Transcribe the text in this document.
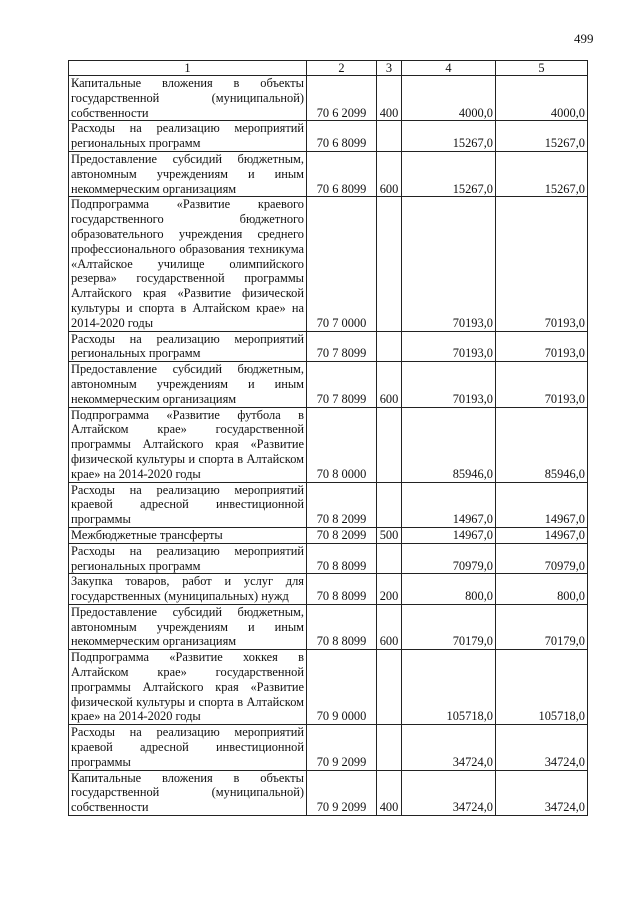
499
1	2	3	4	5
Капитальные вложения в объекты государственной (муниципальной) собственности	70 6 2099	400	4000,0	4000,0
Расходы на реализацию мероприятий региональных программ	70 6 8099		15267,0	15267,0
Предоставление субсидий бюджетным, автономным учреждениям и иным некоммерческим организациям	70 6 8099	600	15267,0	15267,0
Подпрограмма «Развитие краевого государственного бюджетного образовательного учреждения среднего профессионального образования техникума «Алтайское училище олимпийского резерва» государственной программы Алтайского края «Развитие физической культуры и спорта в Алтайском крае» на 2014-2020 годы	70 7 0000		70193,0	70193,0
Расходы на реализацию мероприятий региональных программ	70 7 8099		70193,0	70193,0
Предоставление субсидий бюджетным, автономным учреждениям и иным некоммерческим организациям	70 7 8099	600	70193,0	70193,0
Подпрограмма «Развитие футбола в Алтайском крае» государственной программы Алтайского края «Развитие физической культуры и спорта в Алтайском крае» на 2014-2020 годы	70 8 0000		85946,0	85946,0
Расходы на реализацию мероприятий краевой адресной инвестиционной программы	70 8 2099		14967,0	14967,0
Межбюджетные трансферты	70 8 2099	500	14967,0	14967,0
Расходы на реализацию мероприятий региональных программ	70 8 8099		70979,0	70979,0
Закупка товаров, работ и услуг для государственных (муниципальных) нужд	70 8 8099	200	800,0	800,0
Предоставление субсидий бюджетным, автономным учреждениям и иным некоммерческим организациям	70 8 8099	600	70179,0	70179,0
Подпрограмма «Развитие хоккея в Алтайском крае» государственной программы Алтайского края «Развитие физической культуры и спорта в Алтайском крае» на 2014-2020 годы	70 9 0000		105718,0	105718,0
Расходы на реализацию мероприятий краевой адресной инвестиционной программы	70 9 2099		34724,0	34724,0
Капитальные вложения в объекты государственной (муниципальной) собственности	70 9 2099	400	34724,0	34724,0
